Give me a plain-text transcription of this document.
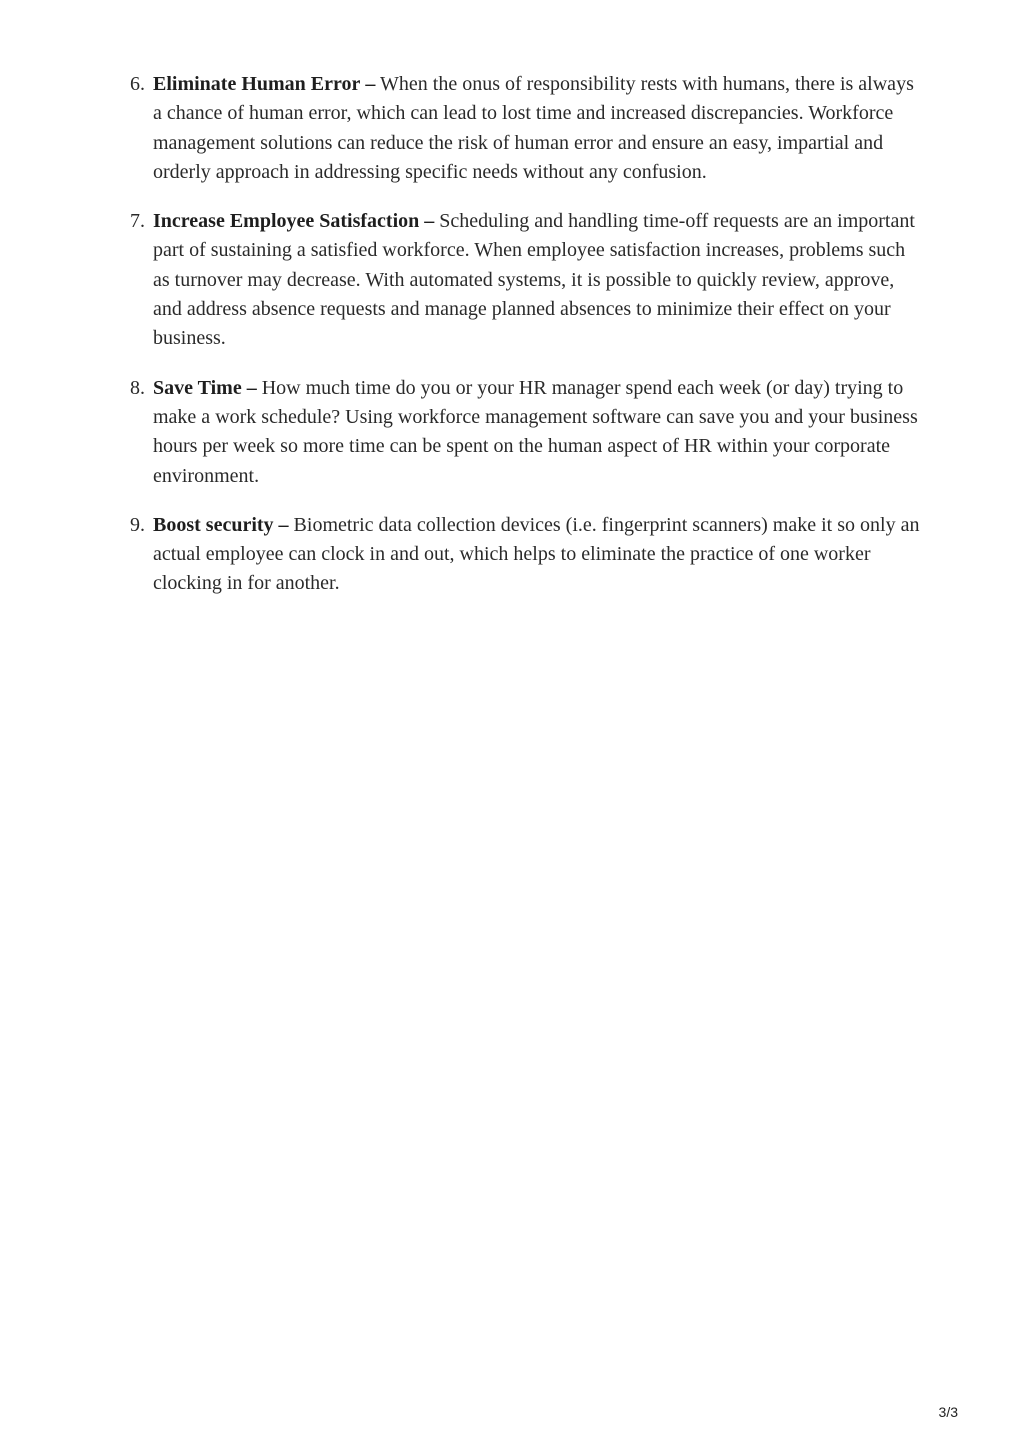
6. Eliminate Human Error – When the onus of responsibility rests with humans, there is always a chance of human error, which can lead to lost time and increased discrepancies. Workforce management solutions can reduce the risk of human error and ensure an easy, impartial and orderly approach in addressing specific needs without any confusion.
7. Increase Employee Satisfaction – Scheduling and handling time-off requests are an important part of sustaining a satisfied workforce. When employee satisfaction increases, problems such as turnover may decrease. With automated systems, it is possible to quickly review, approve, and address absence requests and manage planned absences to minimize their effect on your business.
8. Save Time – How much time do you or your HR manager spend each week (or day) trying to make a work schedule? Using workforce management software can save you and your business hours per week so more time can be spent on the human aspect of HR within your corporate environment.
9. Boost security – Biometric data collection devices (i.e. fingerprint scanners) make it so only an actual employee can clock in and out, which helps to eliminate the practice of one worker clocking in for another.
3/3
